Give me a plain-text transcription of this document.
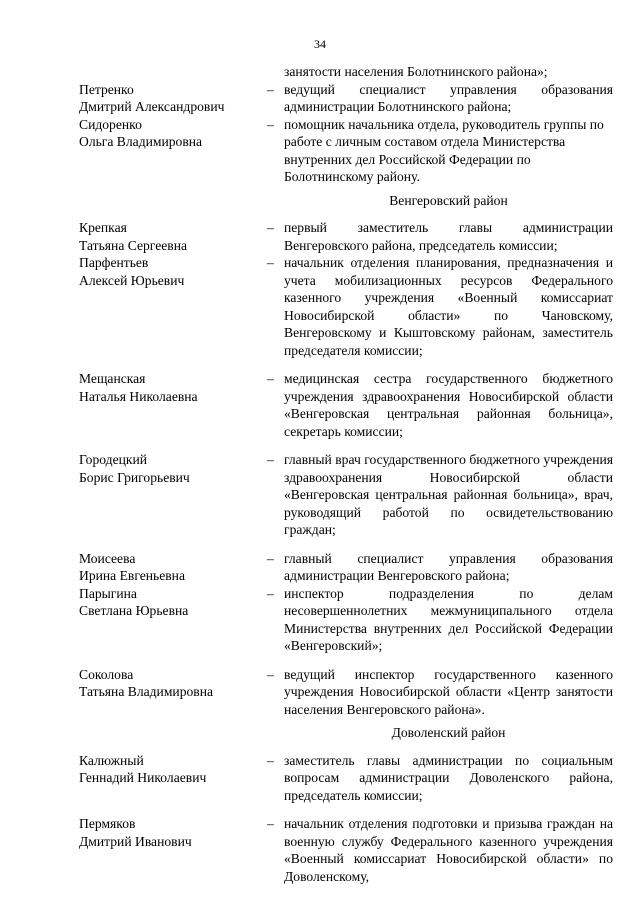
34
занятости населения Болотнинского района»;
Петренко
Дмитрий Александрович
– ведущий специалист управления образования администрации Болотнинского района;
Сидоренко
Ольга Владимировна
– помощник начальника отдела, руководитель группы по работе с личным составом отдела Министерства внутренних дел Российской Федерации по Болотнинскому району.
Венгеровский район
Крепкая
Татьяна Сергеевна
– первый заместитель главы администрации Венгеровского района, председатель комиссии;
Парфентьев
Алексей Юрьевич
– начальник отделения планирования, предназначения и учета мобилизационных ресурсов Федерального казенного учреждения «Военный комиссариат Новосибирской области» по Чановскому, Венгеровскому и Кыштовскому районам, заместитель председателя комиссии;
Мещанская
Наталья Николаевна
– медицинская сестра государственного бюджетного учреждения здравоохранения Новосибирской области «Венгеровская центральная районная больница», секретарь комиссии;
Городецкий
Борис Григорьевич
– главный врач государственного бюджетного учреждения здравоохранения Новосибирской области «Венгеровская центральная районная больница», врач, руководящий работой по освидетельствованию граждан;
Моисеева
Ирина Евгеньевна
– главный специалист управления образования администрации Венгеровского района;
Парыгина
Светлана Юрьевна
– инспектор подразделения по делам несовершеннолетних межмуниципального отдела Министерства внутренних дел Российской Федерации «Венгеровский»;
Соколова
Татьяна Владимировна
– ведущий инспектор государственного казенного учреждения Новосибирской области «Центр занятости населения Венгеровского района».
Доволенский район
Калюжный
Геннадий Николаевич
– заместитель главы администрации по социальным вопросам администрации Доволенского района, председатель комиссии;
Пермяков
Дмитрий Иванович
– начальник отделения подготовки и призыва граждан на военную службу Федерального казенного учреждения «Военный комиссариат Новосибирской области» по Доволенскому,
